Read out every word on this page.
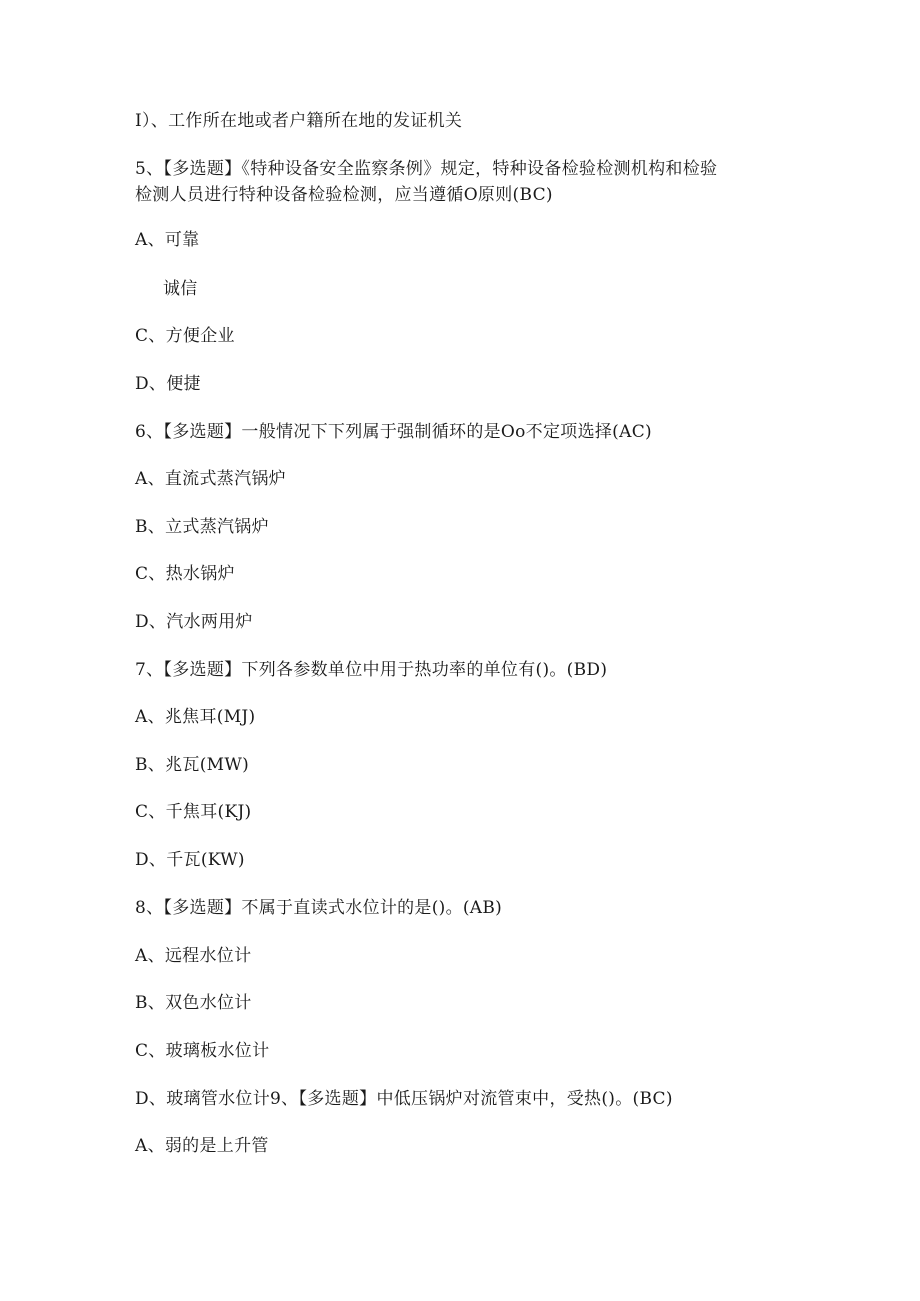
I）、工作所在地或者户籍所在地的发证机关
5、【多选题】《特种设备安全监察条例》规定，特种设备检验检测机构和检验
检测人员进行特种设备检验检测，应当遵循O原则(BC)
A、可靠
诚信
C、方便企业
D、便捷
6、【多选题】一般情况下下列属于强制循环的是Oo不定项选择(AC)
A、直流式蒸汽锅炉
B、立式蒸汽锅炉
C、热水锅炉
D、汽水两用炉
7、【多选题】下列各参数单位中用于热功率的单位有()。(BD)
A、兆焦耳(MJ)
B、兆瓦(MW)
C、千焦耳(KJ)
D、千瓦(KW)
8、【多选题】不属于直读式水位计的是()。(AB)
A、远程水位计
B、双色水位计
C、玻璃板水位计
D、玻璃管水位计9、【多选题】中低压锅炉对流管束中，受热()。(BC)
A、弱的是上升管
